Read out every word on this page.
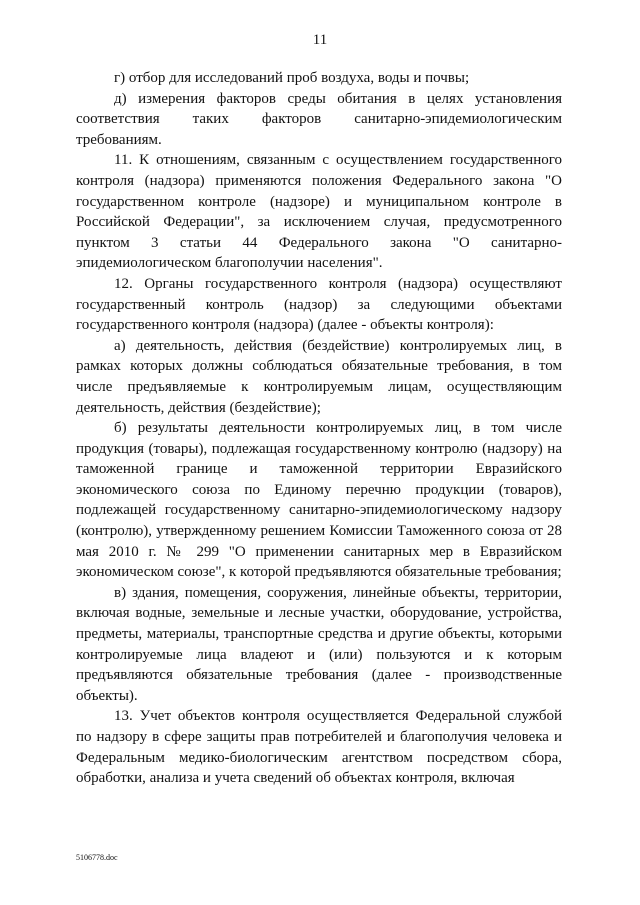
11

г) отбор для исследований проб воздуха, воды и почвы;

д) измерения факторов среды обитания в целях установления соответствия таких факторов санитарно-эпидемиологическим требованиям.

11. К отношениям, связанным с осуществлением государственного контроля (надзора) применяются положения Федерального закона "О государственном контроле (надзоре) и муниципальном контроле в Российской Федерации", за исключением случая, предусмотренного пунктом 3 статьи 44 Федерального закона "О санитарно-эпидемиологическом благополучии населения".

12. Органы государственного контроля (надзора) осуществляют государственный контроль (надзор) за следующими объектами государственного контроля (надзора) (далее - объекты контроля):

а) деятельность, действия (бездействие) контролируемых лиц, в рамках которых должны соблюдаться обязательные требования, в том числе предъявляемые к контролируемым лицам, осуществляющим деятельность, действия (бездействие);

б) результаты деятельности контролируемых лиц, в том числе продукция (товары), подлежащая государственному контролю (надзору) на таможенной границе и таможенной территории Евразийского экономического союза по Единому перечню продукции (товаров), подлежащей государственному санитарно-эпидемиологическому надзору (контролю), утвержденному решением Комиссии Таможенного союза от 28 мая 2010 г. № 299 "О применении санитарных мер в Евразийском экономическом союзе", к которой предъявляются обязательные требования;

в) здания, помещения, сооружения, линейные объекты, территории, включая водные, земельные и лесные участки, оборудование, устройства, предметы, материалы, транспортные средства и другие объекты, которыми контролируемые лица владеют и (или) пользуются и к которым предъявляются обязательные требования (далее - производственные объекты).

13. Учет объектов контроля осуществляется Федеральной службой по надзору в сфере защиты прав потребителей и благополучия человека и Федеральным медико-биологическим агентством посредством сбора, обработки, анализа и учета сведений об объектах контроля, включая

5106778.doc
